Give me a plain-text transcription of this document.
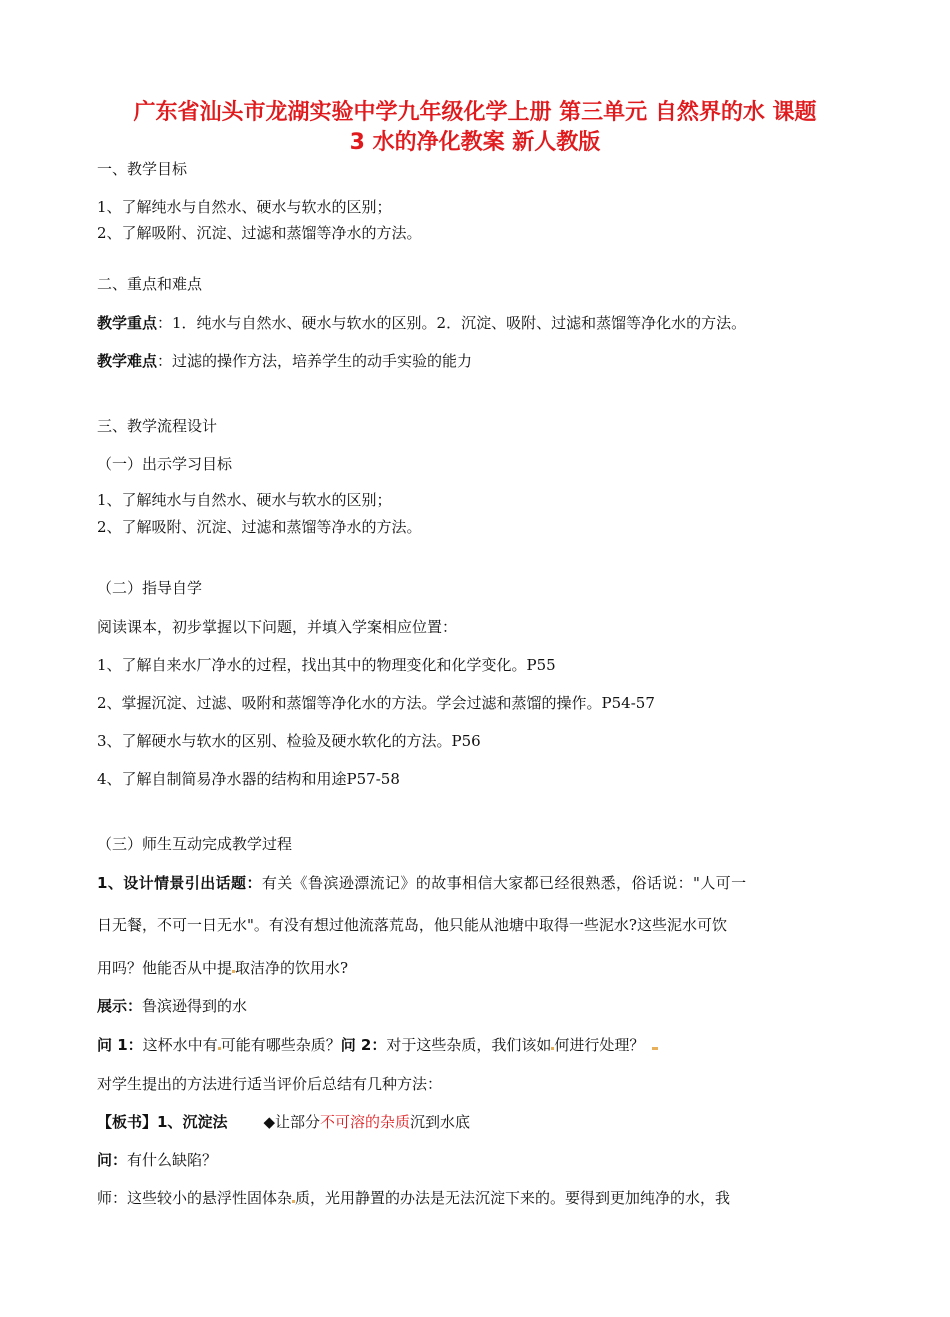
广东省汕头市龙湖实验中学九年级化学上册 第三单元 自然界的水 课题
3 水的净化教案 新人教版
一、教学目标
1、了解纯水与自然水、硬水与软水的区别；
2、了解吸附、沉淀、过滤和蒸馏等净水的方法。
二、重点和难点
教学重点：1．纯水与自然水、硬水与软水的区别。2．沉淀、吸附、过滤和蒸馏等净化水的方法。
教学难点：过滤的操作方法，培养学生的动手实验的能力
三、教学流程设计
（一）出示学习目标
1、了解纯水与自然水、硬水与软水的区别；
2、了解吸附、沉淀、过滤和蒸馏等净水的方法。
（二）指导自学
阅读课本，初步掌握以下问题，并填入学案相应位置：
1、了解自来水厂净水的过程，找出其中的物理变化和化学变化。P55
2、掌握沉淀、过滤、吸附和蒸馏等净化水的方法。学会过滤和蒸馏的操作。P54-57
3、了解硬水与软水的区别、检验及硬水软化的方法。P56
4、了解自制简易净水器的结构和用途P57-58
（三）师生互动完成教学过程
1、设计情景引出话题：有关《鲁滨逊漂流记》的故事相信大家都已经很熟悉，俗话说："人可一
日无餐，不可一日无水"。有没有想过他流落荒岛，他只能从池塘中取得一些泥水?这些泥水可饮
用吗？他能否从中提 取洁净的饮用水?
展示：鲁滨逊得到的水
问 1：这杯水中有 可能有哪些杂质？问 2：对于这些杂质，我们该如 何进行处理？
对学生提出的方法进行适当评价后总结有几种方法：
【板书】1、沉淀法 ◆让部分不可溶的杂质沉到水底
问：有什么缺陷？
师：这些较小的悬浮性固体杂 质，光用静置的办法是无法沉淀下来的。要得到更加纯净的水，我
